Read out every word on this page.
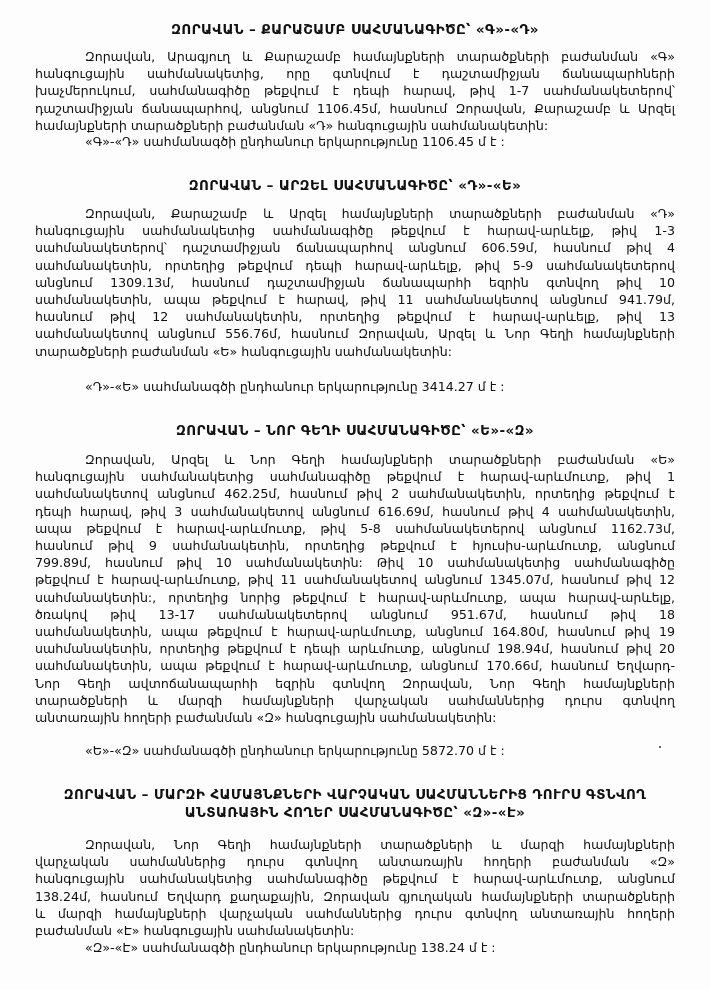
ԶՈՐԱՎԱՆ – ՔԱՐԱՇԱՄԲ ՍԱՀՄԱՆԱԳԻԾԸ՝ «Գ»-«Դ»
Զորավան, Արագյուղ և Քարաշամբ համայնքների տարածքների բաժանման «Գ»
հանգուցային սահմանակետից, որը գտնվում է դաշտամիջյան ճանապարհների
խաչմերուկում, սահմանագիծը թեքվում է դեպի հարավ, թիվ 1-7 սահմանակետերով՝
դաշտամիջյան ճանապարհով, անցնում 1106.45մ, հասնում Զորավան, Քարաշամբ և Արզել
համայնքների տարածքների բաժանման «Դ» հանգուցային սահմանակետին:
«Գ»-«Դ» սահմանագծի ընդհանուր երկարությունը 1106.45 մ է :
ԶՈՐԱՎԱՆ – ԱՐԶԵԼ ՍԱՀՄԱՆԱԳԻԾԸ՝ «Դ»-«Ե»
Զորավան, Քարաշամբ և Արզել համայնքների տարածքների բաժանման «Դ»
հանգուցային սահմանակետից սահմանագիծը թեքվում է հարավ-արևելք, թիվ 1-3
սահմանակետերով՝ դաշտամիջյան ճանապարհով անցնում 606.59մ, հասնում թիվ 4
սահմանակետին, որտեղից թեքվում դեպի հարավ-արևելք, թիվ 5-9 սահմանակետերով
անցնում 1309.13մ, հասնում դաշտամիջյան ճանապարհի եզրին գտնվող թիվ 10
սահմանակետին, ապա թեքվում է հարավ, թիվ 11 սահմանակետով անցնում 941.79մ,
հասնում թիվ 12 սահմանակետին, որտեղից թեքվում է հարավ-արևելք, թիվ 13
սահմանակետով անցնում 556.76մ, հասնում Զորավան, Արզել և Նոր Գեղի համայնքների
տարածքների բաժանման «Ե» հանգուցային սահմանակետին:
«Դ»-«Ե» սահմանագծի ընդհանուր երկարությունը 3414.27 մ է :
ԶՈՐԱՎԱՆ – ՆՈՐ ԳԵՂԻ ՍԱՀՄԱՆԱԳԻԾԸ՝ «Ե»-«Զ»
Զորավան, Արզել և Նոր Գեղի համայնքների տարածքների բաժանման «Ե»
հանգուցային սահմանակետից սահմանագիծը թեքվում է հարավ-արևմուտք, թիվ 1
սահմանակետով անցնում 462.25մ, հասնում թիվ 2 սահմանակետին, որտեղից թեքվում է
դեպի հարավ, թիվ 3 սահմանակետով անցնում 616.69մ, հասնում թիվ 4 սահմանակետին,
ապա թեքվում է հարավ-արևմուտք, թիվ 5-8 սահմանակետերով անցնում 1162.73մ,
հասնում թիվ 9 սահմանակետին, որտեղից թեքվում է հյուսիս-արևմուտք, անցնում
799.89մ, հասնում թիվ 10 սահմանակետին: Թիվ 10 սահմանակետից սահմանագիծը
թեքվում է հարավ-արևմուտք, թիվ 11 սահմանակետով անցնում 1345.07մ, հասնում թիվ 12
սահմանակետին:, որտեղից նորից թեքվում է հարավ-արևմուտք, ապա հարավ-արևելք,
ծռակով թիվ 13-17 սահմանակետերով անցնում 951.67մ, հասնում թիվ 18
սահմանակետին, ապա թեքվում է հարավ-արևմուտք, անցնում 164.80մ, հասնում թիվ 19
սահմանակետին, որտեղից թեքվում է դեպի արևմուտք, անցնում 198.94մ, հասնում թիվ 20
սահմանակետին, ապա թեքվում է հարավ-արևմուտք, անցնում 170.66մ, հասնում Եղվարդ-
Նոր Գեղի ավտոճանապարհի եզրին գտնվող Զորավան, Նոր Գեղի համայնքների
տարածքների և մարզի համայնքների վարչական սահմաններից դուրս գտնվող
անտառային հողերի բաժանման «Զ» հանգուցային սահմանակետին:
«Ե»-«Զ» սահմանագծի ընդհանուր երկարությունը 5872.70 մ է :
ԶՈՐԱՎԱՆ – ՄԱՐԶԻ ՀԱՄԱՅՆՔՆԵՐԻ ՎԱՐՉԱԿԱՆ ՍԱՀՄԱՆՆԵՐԻՑ ԴՈՒՐՍ ԳՏՆՎՈՂ
ԱՆՏԱՌԱՅԻՆ ՀՈՂԵՐ ՍԱՀՄԱՆԱԳԻԾԸ՝ «Զ»-«Է»
Զորավան, Նոր Գեղի համայնքների տարածքների և մարզի համայնքների
վարչական սահմաններից դուրս գտնվող անտառային հողերի բաժանման «Զ»
հանգուցային սահմանակետից սահմանագիծը թեքվում է հարավ-արևմուտք, անցնում
138.24մ, հասնում Եղվարդ քաղաքային, Զորավան գյուղական համայնքների տարածքների
և մարզի համայնքների վարչական սահմաններից դուրս գտնվող անտառային հողերի
բաժանման «Է» հանգուցային սահմանակետին:
«Զ»-«Է» սահմանագծի ընդհանուր երկարությունը 138.24 մ է :
